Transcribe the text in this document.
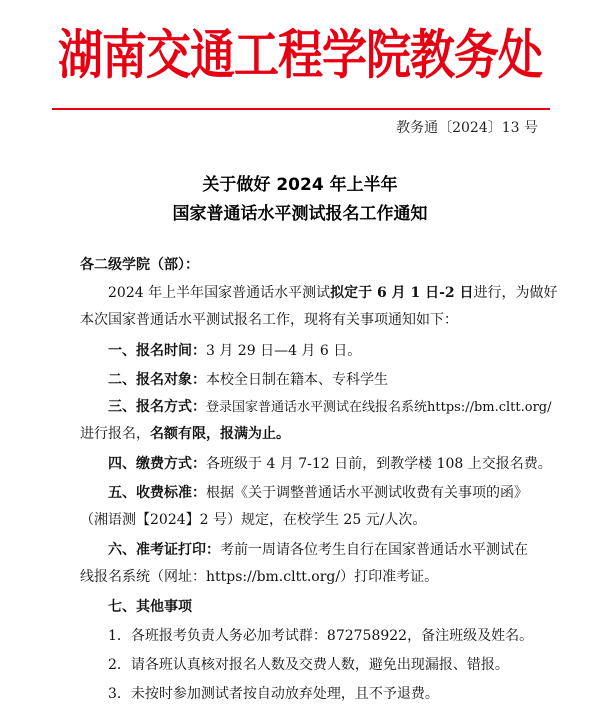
湖南交通工程学院教务处
教务通〔2024〕13 号
关于做好 2024 年上半年
国家普通话水平测试报名工作通知
各二级学院（部）：
2024 年上半年国家普通话水平测试拟定于 6 月 1 日-2 日进行，为做好
本次国家普通话水平测试报名工作，现将有关事项通知如下：
一、报名时间：3 月 29 日—4 月 6 日。
二、报名对象：本校全日制在籍本、专科学生
三、报名方式：登录国家普通话水平测试在线报名系统https://bm.cltt.org/
进行报名，名额有限，报满为止。
四、缴费方式：各班级于 4 月 7-12 日前，到教学楼 108 上交报名费。
五、收费标准：根据《关于调整普通话水平测试收费有关事项的函》
（湘语测【2024】2 号）规定，在校学生 25 元/人次。
六、准考证打印：考前一周请各位考生自行在国家普通话水平测试在
线报名系统（网址：https://bm.cltt.org/）打印准考证。
七、其他事项
1．各班报考负责人务必加考试群：872758922，备注班级及姓名。
2．请各班认真核对报名人数及交费人数，避免出现漏报、错报。
3．未按时参加测试者按自动放弃处理，且不予退费。
